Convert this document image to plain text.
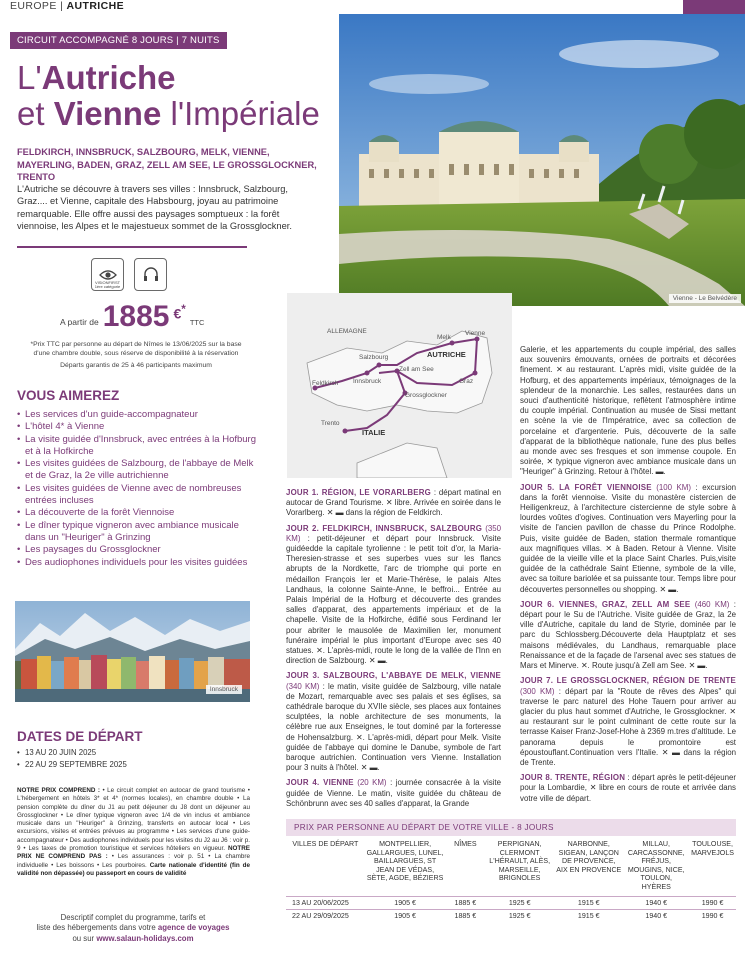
EUROPE | AUTRICHE
CIRCUIT ACCOMPAGNÉ 8 JOURS | 7 NUITS
L'Autriche
et Vienne l'Impériale
FELDKIRCH, INNSBRUCK, SALZBOURG, MELK, VIENNE, MAYERLING, BADEN, GRAZ, ZELL AM SEE, LE GROSSGLOCKNER, TRENTO
L'Autriche se découvre à travers ses villes : Innsbruck, Salzbourg, Graz.... et Vienne, capitale des Habsbourg, joyau au patrimoine remarquable. Elle offre aussi des paysages somptueux : la forêt viennoise, les Alpes et le majestueux sommet de la Grossglockner.
VISIONFIRST 1ère catégorie
A partir de 1885 €*
TTC
*Prix TTC par personne au départ de Nîmes le 13/06/2025 sur la base d'une chambre double, sous réserve de disponibilité à la réservation
Départs garantis de 25 à 46 participants maximum
VOUS AIMEREZ
• Les services d'un guide-accompagnateur
• L'hôtel 4* à Vienne
• La visite guidée d'Innsbruck, avec entrées à la Hofburg et à la Hofkirche
• Les visites guidées de Salzbourg, de l'abbaye de Melk et de Graz, la 2e ville autrichienne
• Les visites guidées de Vienne avec de nombreuses entrées incluses
• La découverte de la forêt Viennoise
• Le dîner typique vigneron avec ambiance musicale dans un "Heuriger" à Grinzing
• Les paysages du Grossglockner
• Des audiophones individuels pour les visites guidées
Innsbruck
DATES DE DÉPART
• 13 AU 20 JUIN 2025
• 22 AU 29 SEPTEMBRE 2025
NOTRE PRIX COMPREND : • Le circuit complet en autocar de grand tourisme • L'hébergement en hôtels 3* et 4* (normes locales), en chambre double • La pension complète du dîner du J1 au petit déjeuner du J8 dont un déjeuner au Grossglockner • Le dîner typique vigneron avec 1/4 de vin inclus et ambiance musicale dans un "Heuriger" à Grinzing, transferts en autocar local • Les excursions, visites et entrées prévues au programme • Les services d'une guide-accompagnateur • Des audiophones individuels pour les visites du J2 au J6 : voir p. 9 • Les taxes de promotion touristique et services hôteliers en vigueur. NOTRE PRIX NE COMPREND PAS : • Les assurances : voir p. 51 • La chambre individuelle • Les boissons • Les pourboires. Carte nationale d'identité (fin de validité non dépassée) ou passeport en cours de validité
Descriptif complet du programme, tarifs et
liste des hébergements dans votre agence de voyages
ou sur www.salaun-holidays.com
Vienne - Le Belvédère
ALLEMAGNE
Melk
Vienne
Salzbourg	AUTRICHE
Feldkirch Innsbruck
Zell am See
Graz
Grossglockner
Trento
ITALIE

JOUR 1. RÉGION, LE VORARLBERG : départ matinal en autocar de Grand Tourisme. ✕ libre. Arrivée en soirée dans le Vorarlberg. ✕ ▬ dans la région de Feldkirch.

JOUR 2. FELDKIRCH, INNSBRUCK, SALZBOURG (350 KM) : petit-déjeuner et départ pour Innsbruck. Visite guidéedde la capitale tyrolienne : le petit toit d'or, la Maria-Theresien-strasse et ses superbes vues sur les flancs abrupts de la Nordkette, l'arc de triomphe qui porte en médaillon François Ier et Marie-Thérèse, le palais Altes Landhaus, la colonne Sainte-Anne, le beffroi... Entrée au Palais Impérial de la Hofburg et découverte des grandes salles d'apparat, des appartements impériaux et de la chapelle. Visite de la Hofkirche, édifié sous Ferdinand Ier pour abriter le mausolée de Maximilien Ier, monument funéraire impérial le plus important d'Europe avec ses 40 statues. ✕. L'après-midi, route le long de la vallée de l'Inn en direction de Salzbourg. ✕ ▬.

JOUR 3. SALZBOURG, L'ABBAYE DE MELK, VIENNE (340 KM) : le matin, visite guidée de Salzbourg, ville natale de Mozart, remarquable avec ses palais et ses églises, sa cathédrale baroque du XVIIe siècle, ses places aux fontaines sculptées, la noble architecture de ses monuments, la célèbre rue aux Enseignes, le tout dominé par la forteresse de Hohensalzburg. ✕. L'après-midi, départ pour Melk. Visite guidée de l'abbaye qui domine le Danube, symbole de l'art baroque autrichien. Continuation vers Vienne. Installation pour 3 nuits à l'hôtel. ✕ ▬.

JOUR 4. VIENNE (20 KM) : journée consacrée à la visite guidée de Vienne. Le matin, visite guidée du château de Schönbrunn avec ses 40 salles d'apparat, la Grande

Galerie, et les appartements du couple impérial, des salles aux souvenirs émouvants, ornées de portraits et décorées finement. ✕ au restaurant. L'après midi, visite guidée de la Hofburg, et des appartements impériaux, témoignages de la splendeur de la monarchie. Les salles, restaurées dans un souci d'authenticité historique, reflètent l'atmosphère intime du couple impérial. Continuation au musée de Sissi mettant en scène la vie de l'Impératrice, avec sa collection de porcelaine et d'argenterie. Puis, découverte de la salle d'apparat de la bibliothèque nationale, l'une des plus belles au monde avec ses fresques et son immense coupole. En soirée, ✕ typique vigneron avec ambiance musicale dans un "Heuriger" à Grinzing. Retour à l'hôtel. ▬.

JOUR 5. LA FORÊT VIENNOISE (100 KM) : excursion dans la forêt viennoise. Visite du monastère cistercien de Heiligenkreuz, à l'architecture cistercienne de style sobre à lourdes voûtes d'ogives. Continuation vers Mayerling pour la visite de l'ancien pavillon de chasse du Prince Rodolphe. Puis, visite guidée de Baden, station thermale romantique aux magnifiques villas. ✕ à Baden. Retour à Vienne. Visite guidée de la vieille ville et la place Saint Charles. Puis,visite guidée de la cathédrale Saint Etienne, symbole de la ville, avec sa toiture bariolée et sa puissante tour. Temps libre pour découvertes personnelles ou shopping. ✕ ▬.

JOUR 6. VIENNES, GRAZ, ZELL AM SEE (460 KM) : départ pour le Su de l'Autriche. Visite guidée de Graz, la 2e ville d'Autriche, capitale du land de Styrie, dominée par le parc du Schlossberg.Découverte dela Hauptplatz et ses maisons médiévales, du Landhaus, remarquable place Renaissance et de la façade de l'arsenal avec ses statues de Mars et Minerve. ✕. Route jusqu'à Zell am See. ✕ ▬.

JOUR 7. LE GROSSGLOCKNER, RÉGION DE TRENTE (300 KM) : départ par la "Route de rêves des Alpes" qui traverse le parc naturel des Hohe Tauern pour arriver au glacier du plus haut sommet d'Autriche, le Grossglockner. ✕ au restaurant sur le point culminant de cette route sur la terrasse Kaiser Franz-Josef-Hohe à 2369 m.tres d'altitude. Le panorama depuis le promontoire est époustouflant.Continuation vers l'Italie. ✕ ▬ dans la région de Trente.

JOUR 8. TRENTE, RÉGION : départ après le petit-déjeuner pour la Lombardie, ✕ libre en cours de route et arrivée dans votre ville de départ.

PRIX PAR PERSONNE AU DÉPART DE VOTRE VILLE - 8 JOURS
VILLES DE DÉPART	MONTPELLIER, GALLARGUES, LUNEL, BAILLARGUES, ST JEAN DE VÉDAS, SÈTE, AGDE, BÉZIERS	NÎMES	PERPIGNAN, CLERMONT L'HÉRAULT, ALÈS, MARSEILLE, BRIGNOLES	NARBONNE, SIGEAN, LANÇON DE PROVENCE, AIX EN PROVENCE	MILLAU, CARCASSONNE, FRÉJUS, MOUGINS, NICE, TOULON, HYÈRES	TOULOUSE, MARVEJOLS
13 AU 20/06/2025	1905 €	1885 €	1925 €	1915 €	1940 €	1990 €
22 AU 29/09/2025	1905 €	1885 €	1925 €	1915 €	1940 €	1990 €
